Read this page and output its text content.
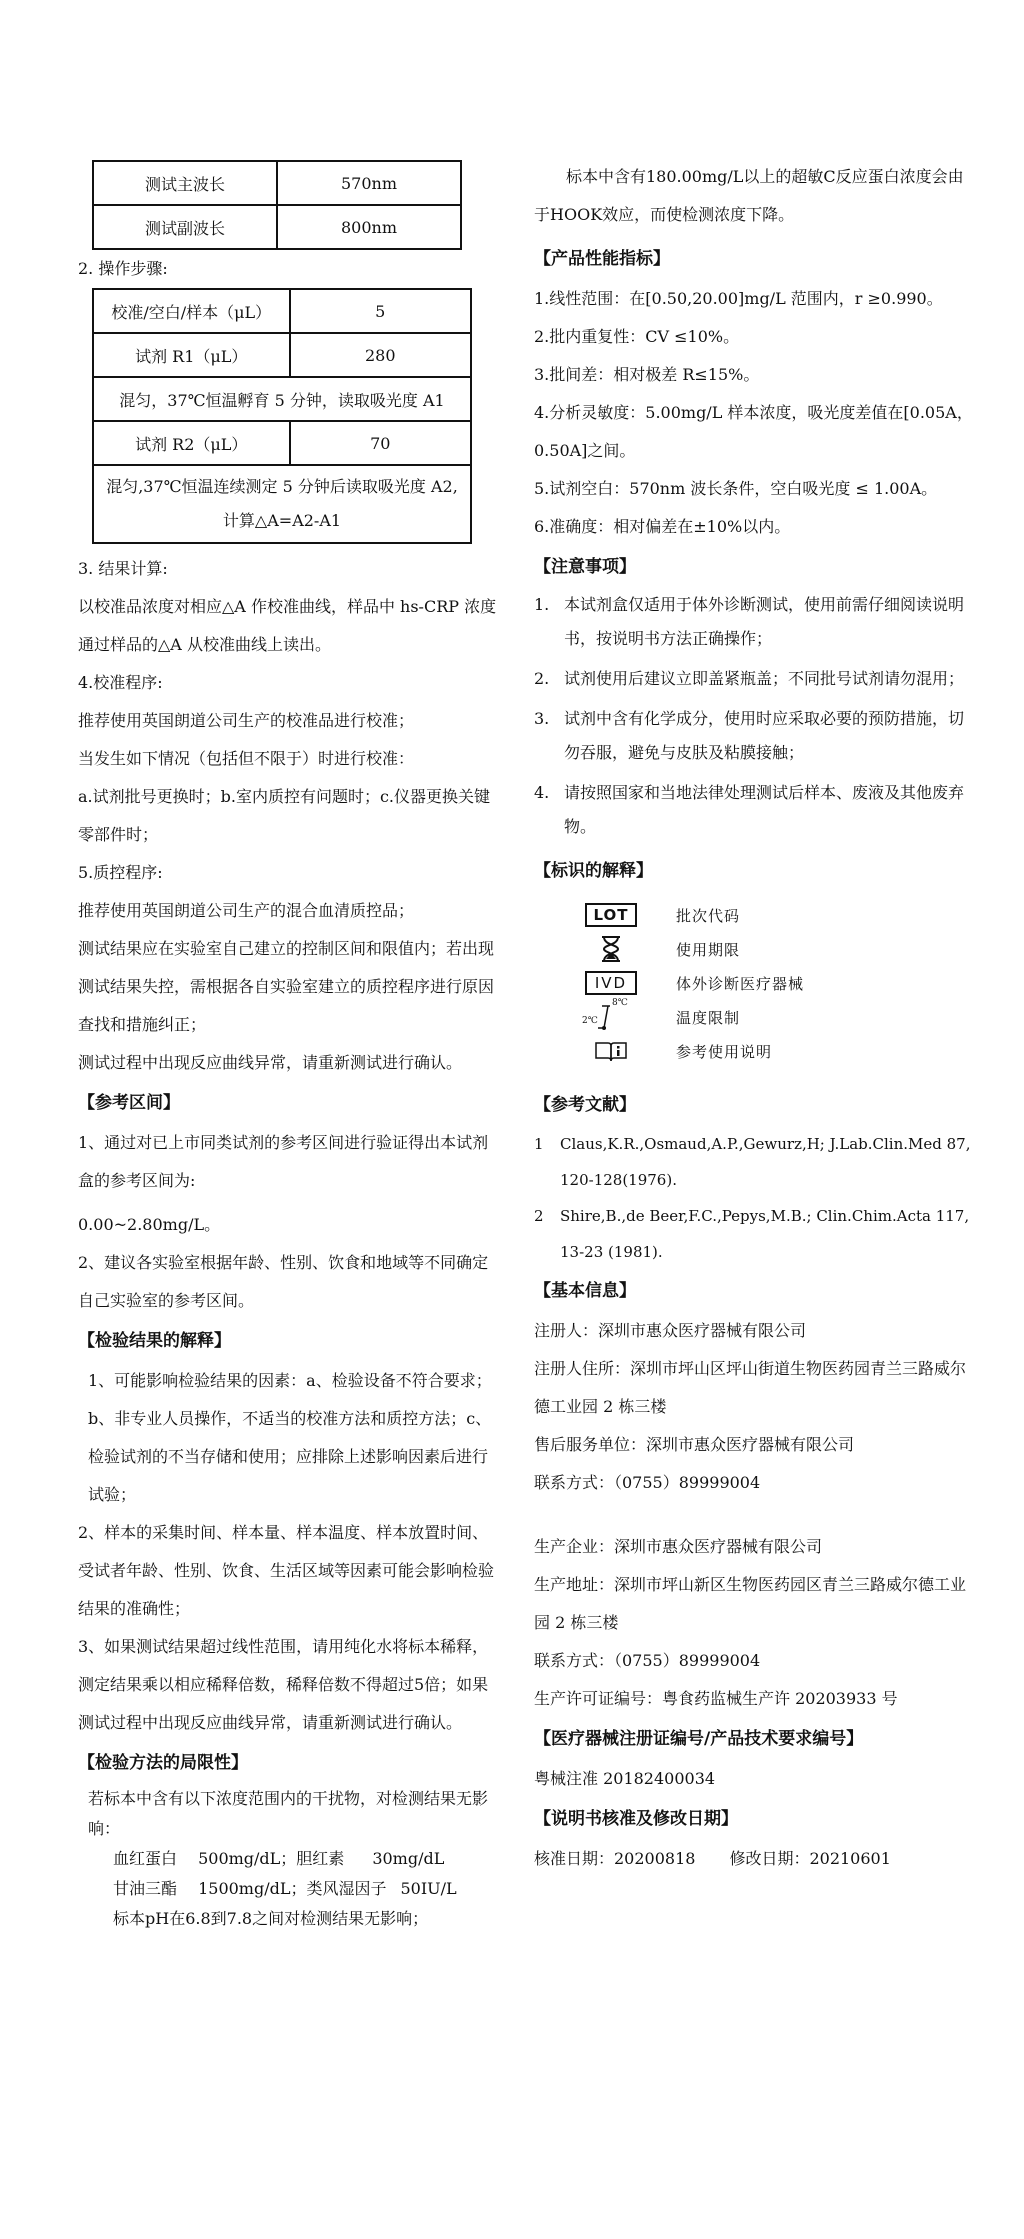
测试主波长	570nm
测试副波长	800nm

2. 操作步骤:

校准/空白/样本（μL）	5
试剂 R1（μL）	280
混匀，37℃恒温孵育 5 分钟，读取吸光度 A1	
试剂 R2（μL）	70

混匀,37℃恒温连续测定 5 分钟后读取吸光度 A2,
计算△A=A2-A1	

3. 结果计算:

以校准品浓度对相应△A 作校准曲线，样品中 hs-CRP 浓度通过样品的△A 从校准曲线上读出。

4.校准程序:

推荐使用英国朗道公司生产的校准品进行校准；

当发生如下情况（包括但不限于）时进行校准：

a.试剂批号更换时；b.室内质控有问题时；c.仪器更换关键零部件时；

5.质控程序:

推荐使用英国朗道公司生产的混合血清质控品；

测试结果应在实验室自己建立的控制区间和限值内；若出现测试结果失控，需根据各自实验室建立的质控程序进行原因查找和措施纠正；

测试过程中出现反应曲线异常，请重新测试进行确认。

【参考区间】

1、通过对已上市同类试剂的参考区间进行验证得出本试剂盒的参考区间为:

0.00~2.80mg/L。

2、建议各实验室根据年龄、性别、饮食和地域等不同确定自己实验室的参考区间。

【检验结果的解释】

1、可能影响检验结果的因素：a、检验设备不符合要求；b、非专业人员操作，不适当的校准方法和质控方法；c、检验试剂的不当存储和使用；应排除上述影响因素后进行试验；

2、样本的采集时间、样本量、样本温度、样本放置时间、受试者年龄、性别、饮食、生活区域等因素可能会影响检验结果的准确性；

3、如果测试结果超过线性范围，请用纯化水将标本稀释，测定结果乘以相应稀释倍数，稀释倍数不得超过5倍；如果测试过程中出现反应曲线异常，请重新测试进行确认。

【检验方法的局限性】

若标本中含有以下浓度范围内的干扰物，对检测结果无影响：

血红蛋白　 500mg/dL；胆红素 30mg/dL
甘油三酯　 1500mg/dL；类风湿因子 50IU/L

标本pH在6.8到7.8之间对检测结果无影响；

标本中含有180.00mg/L以上的超敏C反应蛋白浓度会由于HOOK效应，而使检测浓度下降。

【产品性能指标】

1.线性范围：在[0.50,20.00]mg/L 范围内，r ≥0.990。

2.批内重复性：CV ≤10%。

3.批间差：相对极差 R≤15%。

4.分析灵敏度：5.00mg/L 样本浓度，吸光度差值在[0.05A，0.50A]之间。

5.试剂空白：570nm 波长条件，空白吸光度 ≤ 1.00A。

6.准确度：相对偏差在±10%以内。

【注意事项】

1. 本试剂盒仅适用于体外诊断测试，使用前需仔细阅读说明书，按说明书方法正确操作；
2. 试剂使用后建议立即盖紧瓶盖；不同批号试剂请勿混用；
3. 试剂中含有化学成分，使用时应采取必要的预防措施，切勿吞服，避免与皮肤及粘膜接触；
4. 请按照国家和当地法律处理测试后样本、废液及其他废弃物。

【标识的解释】

LOT	批次代码
使用期限
IVD	体外诊断医疗器械
8℃
2℃	温度限制
参考使用说明

【参考文献】

1	Claus,K.R.,Osmaud,A.P.,Gewurz,H; J.Lab.Clin.Med 87, 120-128(1976).
2	Shire,B.,de Beer,F.C.,Pepys,M.B.; Clin.Chim.Acta 117, 13-23 (1981).

【基本信息】

注册人：深圳市惠众医疗器械有限公司

注册人住所：深圳市坪山区坪山街道生物医药园青兰三路威尔德工业园 2 栋三楼

售后服务单位：深圳市惠众医疗器械有限公司

联系方式：（0755）89999004

生产企业：深圳市惠众医疗器械有限公司

生产地址：深圳市坪山新区生物医药园区青兰三路威尔德工业园 2 栋三楼

联系方式：（0755）89999004

生产许可证编号：粤食药监械生产许 20203933 号

【医疗器械注册证编号/产品技术要求编号】

粤械注准 20182400034

【说明书核准及修改日期】

核准日期：20200818 修改日期：20210601
